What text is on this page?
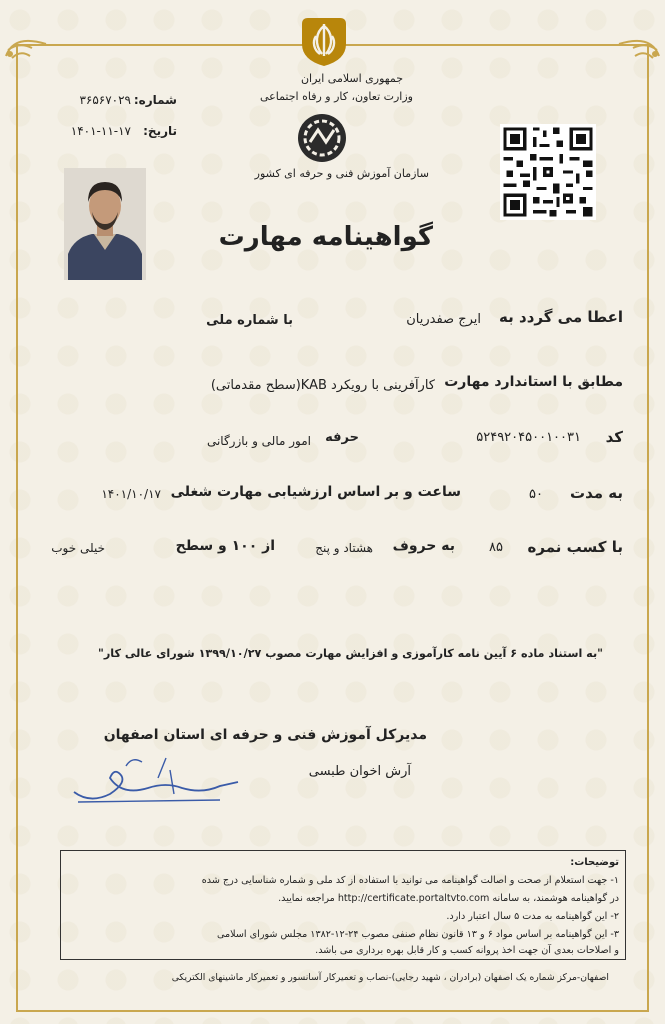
جمهوری اسلامی ایران
وزارت تعاون، کار و رفاه اجتماعی
شماره:
۳۶۵۶۷۰۲۹
تاریخ:
۱۴۰۱-۱۱-۱۷
سازمان آموزش فنی و حرفه ای کشور
گواهینامه مهارت
اعطا می گردد به
ایرج صفدریان
با شماره ملی
مطابق با استاندارد مهارت
کارآفرینی با رویکرد KAB(سطح مقدماتی)
کد
۵۲۴۹۲۰۴۵۰۰۱۰۰۳۱
حرفه
امور مالی و بازرگانی
به مدت
۵۰
ساعت و بر اساس ارزشیابی مهارت شغلی
۱۴۰۱/۱۰/۱۷
با کسب نمره
۸۵
به حروف
هشتاد و پنج
از ۱۰۰ و سطح
خیلی خوب
"به استناد ماده ۶ آیین نامه کارآموزی و افزایش مهارت مصوب ۱۳۹۹/۱۰/۲۷ شورای عالی کار"
مدیرکل آموزش فنی و حرفه ای استان اصفهان
آرش اخوان طبسی
توضیحات:
۱- جهت استعلام از صحت و اصالت گواهینامه می توانید با استفاده از کد ملی و شماره شناسایی درج شده
در گواهینامه هوشمند، به سامانه http://certificate.portaltvto.com مراجعه نمایید.
۲- این گواهینامه به مدت ۵ سال اعتبار دارد.
۳- این گواهینامه بر اساس مواد ۶ و ۱۳ قانون نظام صنفی مصوب ۲۴-۱۲-۱۳۸۲ مجلس شورای اسلامی
و اصلاحات بعدی آن جهت اخذ پروانه کسب و کار قابل بهره برداری می باشد.
اصفهان-مرکز شماره یک اصفهان (برادران ، شهید رجایی)-نصاب و تعمیرکار آسانسور و تعمیرکار ماشینهای الکتریکی
